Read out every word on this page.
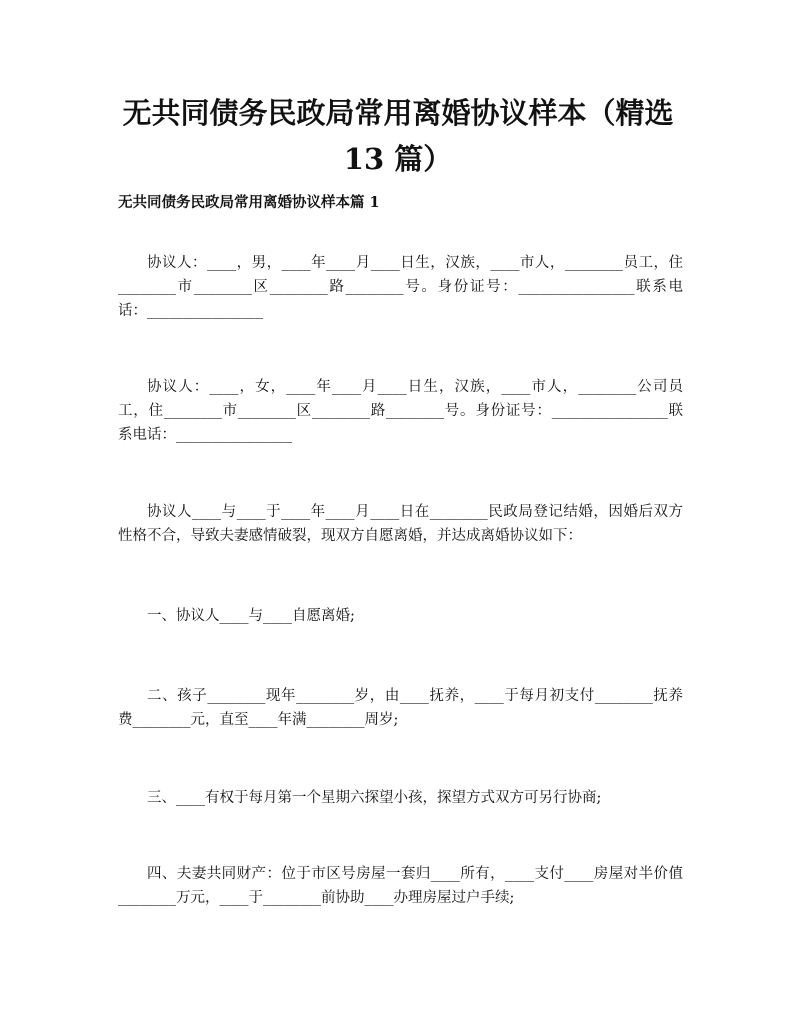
无共同债务民政局常用离婚协议样本（精选
13 篇）
无共同债务民政局常用离婚协议样本篇 1

协议人：____，男，____年____月____日生，汉族，____市人，________员工，住________市________区________路________号。身份证号：________________联系电话：________________

协议人：____，女，____年____月____日生，汉族，____市人，________公司员工，住________市________区________路________号。身份证号：________________联系电话：________________

协议人____与____于____年____月____日在________民政局登记结婚，因婚后双方性格不合，导致夫妻感情破裂，现双方自愿离婚，并达成离婚协议如下：

一、协议人____与____自愿离婚;

二、孩子________现年________岁，由____抚养，____于每月初支付________抚养费________元，直至____年满________周岁;

三、____有权于每月第一个星期六探望小孩，探望方式双方可另行协商;

四、夫妻共同财产：位于市区号房屋一套归____所有，____支付____房屋对半价值________万元，____于________前协助____办理房屋过户手续;
